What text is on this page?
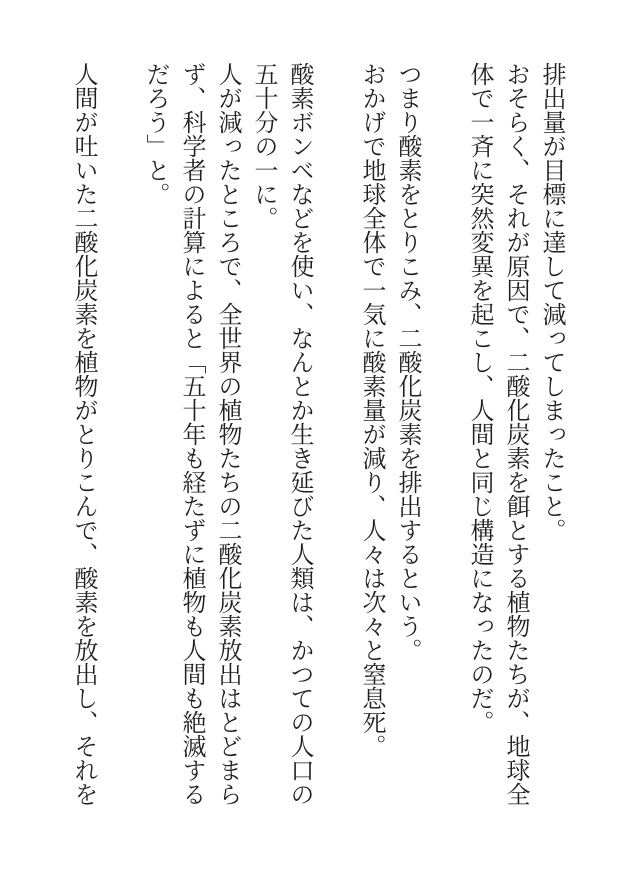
排出量が目標に達して減ってしまったこと。

おそらく、それが原因で、二酸化炭素を餌とする植物たちが、地球全体で一斉に突然変異を起こし、人間と同じ構造になったのだ。

つまり酸素をとりこみ、二酸化炭素を排出するという。

おかげで地球全体で一気に酸素量が減り、人々は次々と窒息死。

酸素ボンベなどを使い、なんとか生き延びた人類は、かつての人口の五十分の一に。

人が減ったところで、全世界の植物たちの二酸化炭素放出はとどまらず、科学者の計算によると「五十年も経たずに植物も人間も絶滅するだろう」と。

人間が吐いた二酸化炭素を植物がとりこんで、酸素を放出し、それを
